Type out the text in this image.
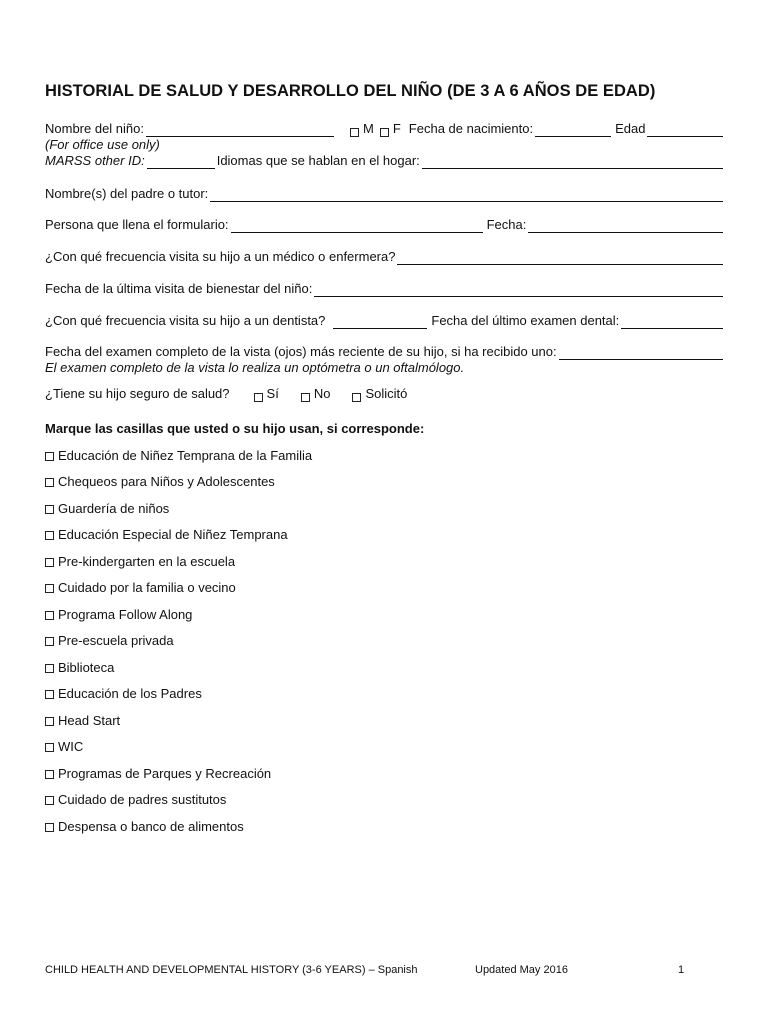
HISTORIAL DE SALUD Y DESARROLLO DEL NIÑO (DE 3 A 6 AÑOS DE EDAD)
Nombre del niño:	M F Fecha de nacimiento:	Edad
(For office use only)
MARSS other ID:	Idiomas que se hablan en el hogar:
Nombre(s) del padre o tutor:
Persona que llena el formulario:	Fecha:
¿Con qué frecuencia visita su hijo a un médico o enfermera?
Fecha de la última visita de bienestar del niño:
¿Con qué frecuencia visita su hijo a un dentista?	Fecha del último examen dental:
Fecha del examen completo de la vista (ojos) más reciente de su hijo, si ha recibido uno:
El examen completo de la vista lo realiza un optómetra o un oftalmólogo.
¿Tiene su hijo seguro de salud?	Sí	No	Solicitó
Marque las casillas que usted o su hijo usan, si corresponde:
Educación de Niñez Temprana de la Familia
Chequeos para Niños y Adolescentes
Guardería de niños
Educación Especial de Niñez Temprana
Pre-kindergarten en la escuela
Cuidado por la familia o vecino
Programa Follow Along
Pre-escuela privada
Biblioteca
Educación de los Padres
Head Start
WIC
Programas de Parques y Recreación
Cuidado de padres sustitutos
Despensa o banco de alimentos
CHILD HEALTH AND DEVELOPMENTAL HISTORY (3-6 YEARS) – Spanish	Updated May 2016	1
